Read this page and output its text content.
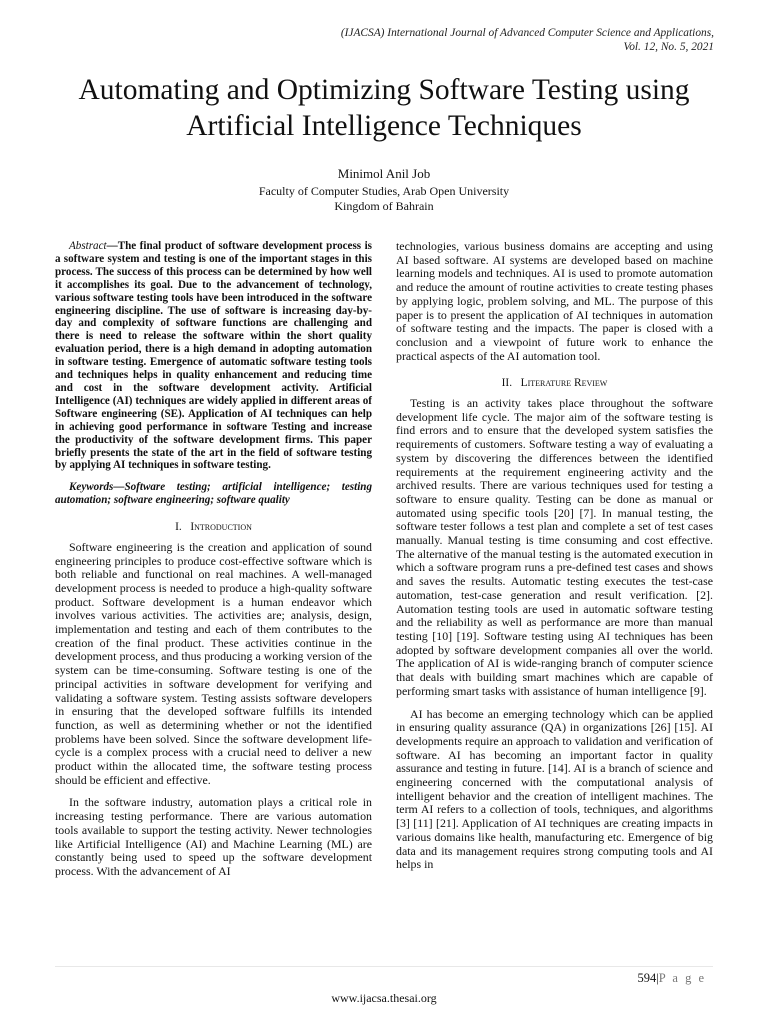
(IJACSA) International Journal of Advanced Computer Science and Applications,
Vol. 12, No. 5, 2021
Automating and Optimizing Software Testing using
Artificial Intelligence Techniques
Minimol Anil Job
Faculty of Computer Studies, Arab Open University
Kingdom of Bahrain

Abstract—The final product of software development process is a software system and testing is one of the important stages in this process. The success of this process can be determined by how well it accomplishes its goal. Due to the advancement of technology, various software testing tools have been introduced in the software engineering discipline. The use of software is increasing day-by-day and complexity of software functions are challenging and there is need to release the software within the short quality evaluation period, there is a high demand in adopting automation in software testing. Emergence of automatic software testing tools and techniques helps in quality enhancement and reducing time and cost in the software development activity. Artificial Intelligence (AI) techniques are widely applied in different areas of Software engineering (SE). Application of AI techniques can help in achieving good performance in software Testing and increase the productivity of the software development firms. This paper briefly presents the state of the art in the field of software testing by applying AI techniques in software testing.

Keywords—Software testing; artificial intelligence; testing automation; software engineering; software quality

I. Introduction

Software engineering is the creation and application of sound engineering principles to produce cost-effective software which is both reliable and functional on real machines. A well-managed development process is needed to produce a high-quality software product. Software development is a human endeavor which involves various activities. The activities are; analysis, design, implementation and testing and each of them contributes to the creation of the final product. These activities continue in the development process, and thus producing a working version of the system can be time-consuming. Software testing is one of the principal activities in software development for verifying and validating a software system. Testing assists software developers in ensuring that the developed software fulfills its intended function, as well as determining whether or not the identified problems have been solved. Since the software development life-cycle is a complex process with a crucial need to deliver a new product within the allocated time, the software testing process should be efficient and effective.

In the software industry, automation plays a critical role in increasing testing performance. There are various automation tools available to support the testing activity. Newer technologies like Artificial Intelligence (AI) and Machine Learning (ML) are constantly being used to speed up the software development process. With the advancement of AI

technologies, various business domains are accepting and using AI based software. AI systems are developed based on machine learning models and techniques. AI is used to promote automation and reduce the amount of routine activities to create testing phases by applying logic, problem solving, and ML. The purpose of this paper is to present the application of AI techniques in automation of software testing and the impacts. The paper is closed with a conclusion and a viewpoint of future work to enhance the practical aspects of the AI automation tool.

II. Literature Review

Testing is an activity takes place throughout the software development life cycle. The major aim of the software testing is find errors and to ensure that the developed system satisfies the requirements of customers. Software testing a way of evaluating a system by discovering the differences between the identified requirements at the requirement engineering activity and the archived results. There are various techniques used for testing a software to ensure quality. Testing can be done as manual or automated using specific tools [20] [7]. In manual testing, the software tester follows a test plan and complete a set of test cases manually. Manual testing is time consuming and cost effective. The alternative of the manual testing is the automated execution in which a software program runs a pre-defined test cases and shows and saves the results. Automatic testing executes the test-case automation, test-case generation and result verification. [2]. Automation testing tools are used in automatic software testing and the reliability as well as performance are more than manual testing [10] [19]. Software testing using AI techniques has been adopted by software development companies all over the world. The application of AI is wide-ranging branch of computer science that deals with building smart machines which are capable of performing smart tasks with assistance of human intelligence [9].

AI has become an emerging technology which can be applied in ensuring quality assurance (QA) in organizations [26] [15]. AI developments require an approach to validation and verification of software. AI has becoming an important factor in quality assurance and testing in future. [14]. AI is a branch of science and engineering concerned with the computational analysis of intelligent behavior and the creation of intelligent machines. The term AI refers to a collection of tools, techniques, and algorithms [3] [11] [21]. Application of AI techniques are creating impacts in various domains like health, manufacturing etc. Emergence of big data and its management requires strong computing tools and AI helps in

594|P a g e
www.ijacsa.thesai.org
